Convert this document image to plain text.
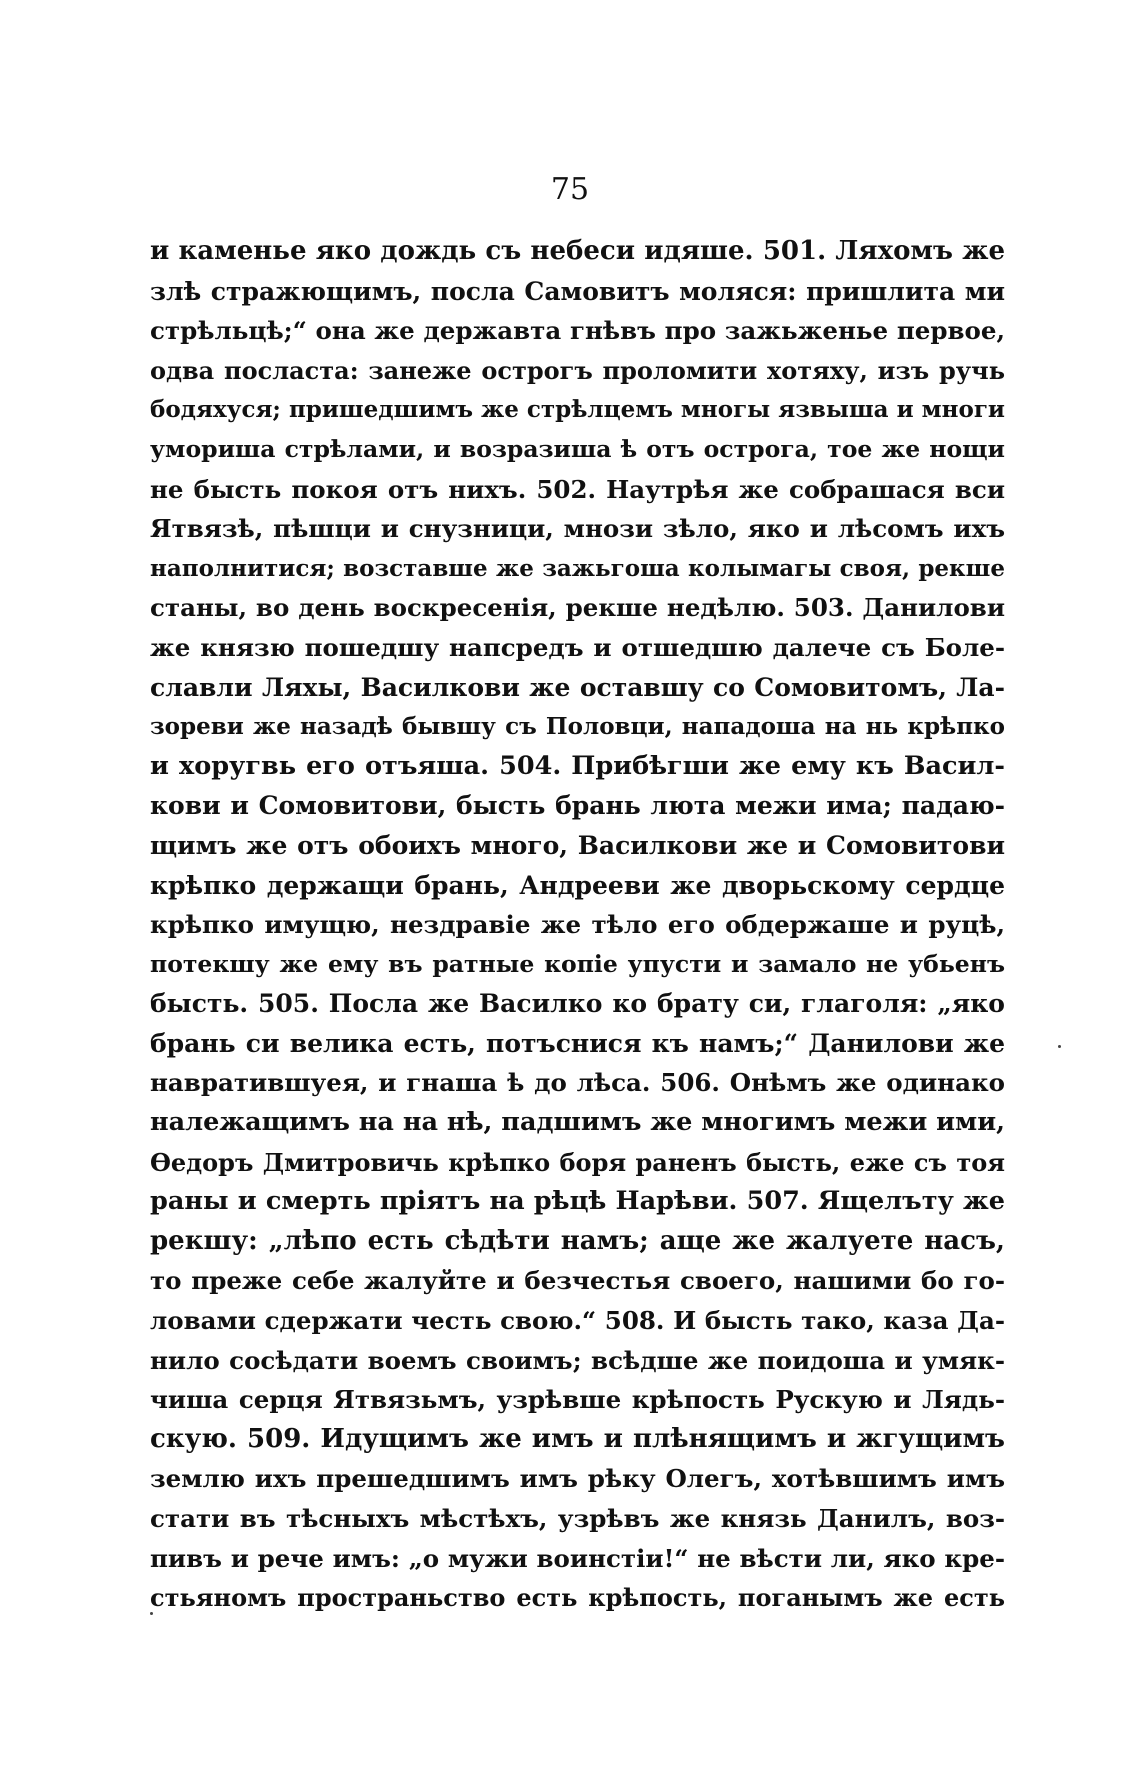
75
и каменье яко дождь съ небеси идяше. 501. Ляхомъ же
злѣ стражющимъ, посла Самовитъ моляся: пришлита ми
стрѣльцѣ;“ она же державта гнѣвъ про зажьженье первое,
одва посласта: занеже острогъ проломити хотяху, изъ ручь
бодяхуся; пришедшимъ же стрѣлцемъ многы язвыша и многи
умориша стрѣлами, и возразиша ѣ отъ острога, тое же нощи
не бысть покоя отъ нихъ. 502. Наутрѣя же собрашася вси
Ятвязѣ, пѣшци и снузници, мнози зѣло, яко и лѣсомъ ихъ
наполнитися; возставше же зажьгоша колымагы своя, рекше
станы, во день воскресенія, рекше недѣлю. 503. Данилови
же князю пошедшу напсредъ и отшедшю далече съ Боле-
славли Ляхы, Василкови же оставшу со Сомовитомъ, Ла-
зореви же назадѣ бывшу съ Половци, нападоша на нь крѣпко
и хоругвь его отъяша. 504. Прибѣгши же ему къ Васил-
кови и Сомовитови, бысть брань люта межи има; падаю-
щимъ же отъ обоихъ много, Василкови же и Сомовитови
крѣпко держащи брань, Андрееви же дворьскому сердце
крѣпко имущю, нездравіе же тѣло его обдержаше и руцѣ,
потекшу же ему въ ратные копіе упусти и замало не убьенъ
бысть. 505. Посла же Василко ко брату си, глаголя: „яко
брань си велика есть, потъснися къ намъ;“ Данилови же
навратившуея, и гнаша ѣ до лѣса. 506. Онѣмъ же одинако
належащимъ на на нѣ, падшимъ же многимъ межи ими,
Ѳедоръ Дмитровичь крѣпко боря раненъ бысть, еже съ тоя
раны и смерть пріятъ на рѣцѣ Нарѣви. 507. Ящелъту же
рекшу: „лѣпо есть сѣдѣти намъ; аще же жалуете насъ,
то преже себе жалуйте и безчестья своего, нашими бо го-
ловами сдержати честь свою.“ 508. И бысть тако, каза Да-
нило сосѣдати воемъ своимъ; всѣдше же поидоша и умяк-
чиша серця Ятвязьмъ, узрѣвше крѣпость Рускую и Лядь-
скую. 509. Идущимъ же имъ и плѣнящимъ и жгущимъ
землю ихъ прешедшимъ имъ рѣку Олегъ, хотѣвшимъ имъ
стати въ тѣсныхъ мѣстѣхъ, узрѣвъ же князь Данилъ, воз-
пивъ и рече имъ: „о мужи воинстіи!“ не вѣсти ли, яко кре-
стьяномъ пространьство есть крѣпость, поганымъ же есть
